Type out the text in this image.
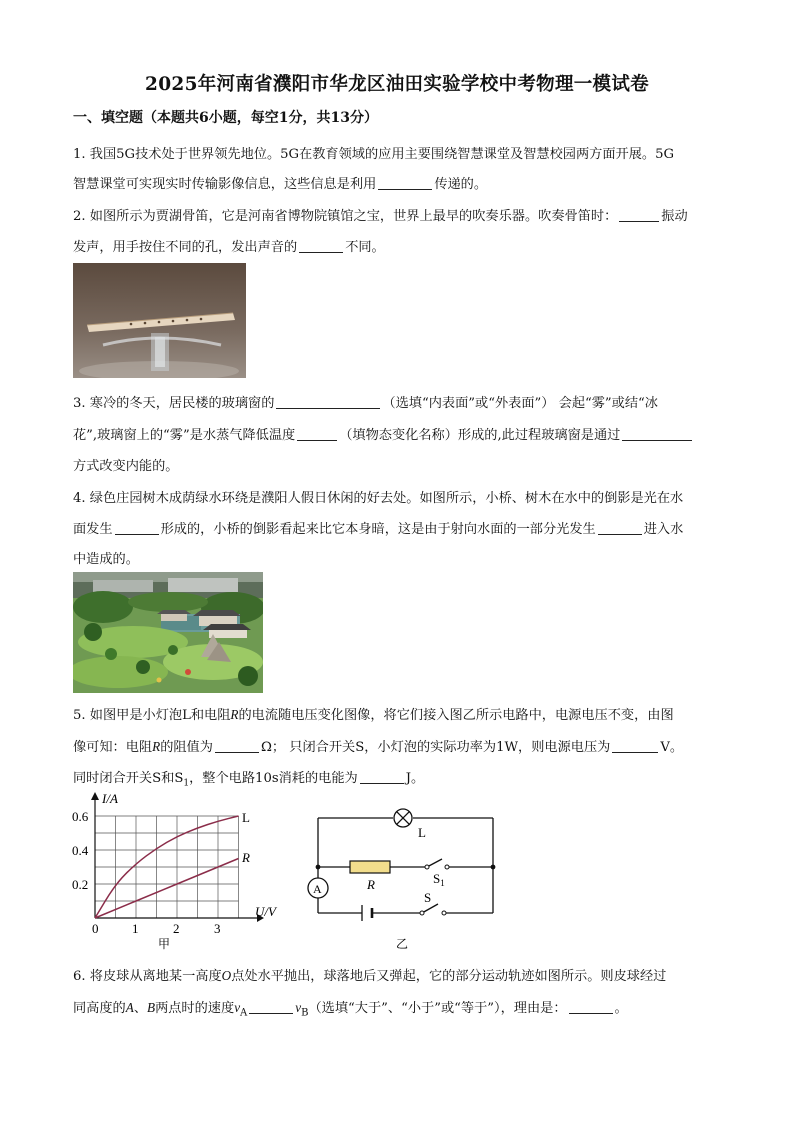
2025年河南省濮阳市华龙区油田实验学校中考物理一模试卷
一、填空题（本题共6小题，每空1分，共13分）
1. 我国5G技术处于世界领先地位。5G在教育领域的应用主要围绕智慧课堂及智慧校园两方面开展。5G
智慧课堂可实现实时传输影像信息，这些信息是利用	传递的。
2. 如图所示为贾湖骨笛，它是河南省博物院镇馆之宝，世界上最早的吹奏乐器。吹奏骨笛时：	振动
发声，用手按住不同的孔，发出声音的	不同。
3. 寒冷的冬天，居民楼的玻璃窗的	（选填“内表面”或“外表面”） 会起“雾”或结“冰
花”,玻璃窗上的“雾”是水蒸气降低温度	（填物态变化名称）形成的,此过程玻璃窗是通过
方式改变内能的。
4. 绿色庄园树木成荫绿水环绕是濮阳人假日休闲的好去处。如图所示，小桥、树木在水中的倒影是光在水
面发生	形成的，小桥的倒影看起来比它本身暗，这是由于射向水面的一部分光发生	进入水
中造成的。
5. 如图甲是小灯泡L和电阻R的电流随电压变化图像，将它们接入图乙所示电路中，电源电压不变，由图
像可知：电阻R的阻值为	Ω； 只闭合开关S，小灯泡的实际功率为1W，则电源电压为	V。
同时闭合开关S和$S_1$，整个电路10s消耗的电能为	J。
0.6
0.4
0.2
0	1	2	3
I/A
U/V
L
R
甲
L
R	$S_1$
S
A
乙
6. 将皮球从离地某一高度O点处水平抛出，球落地后又弹起，它的部分运动轨迹如图所示。则皮球经过
同高度的A、B两点时的速度$v_A$	$v_B$（选填“大于”、“小于”或“等于”），理由是：	。
